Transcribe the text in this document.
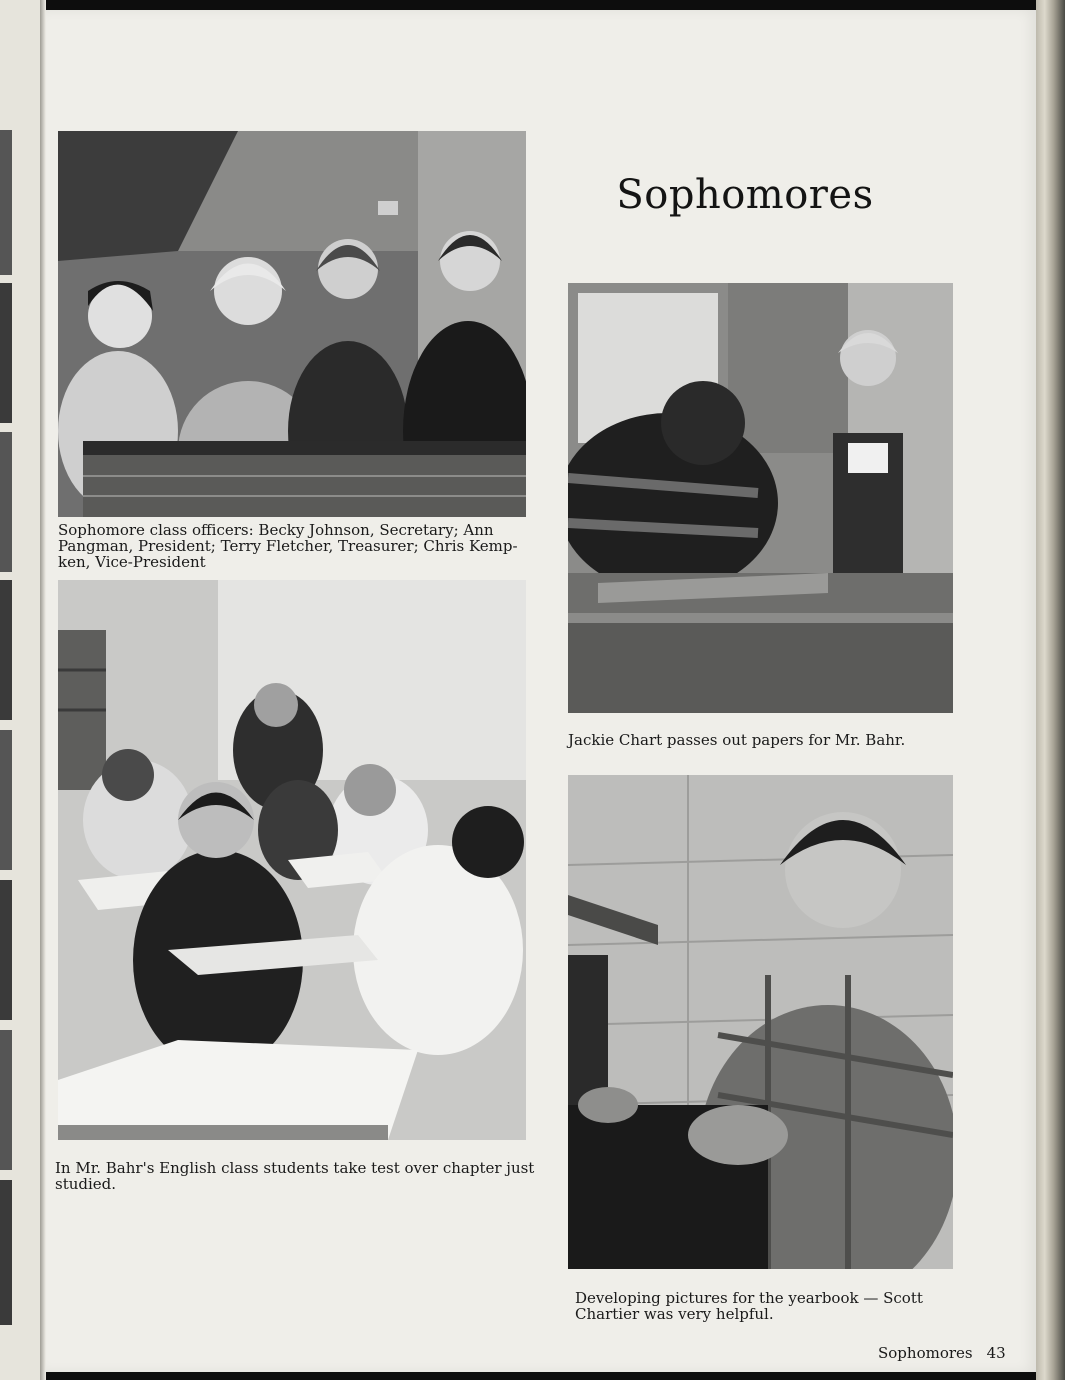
Sophomore class officers: Becky Johnson, Secretary; Ann
Pangman, President; Terry Fletcher, Treasurer; Chris Kemp-
ken, Vice-President
In Mr. Bahr's English class students take test over chapter just
studied.
Sophomores
Jackie Chart passes out papers for Mr. Bahr.
Developing pictures for the yearbook — Scott
Chartier was very helpful.
Sophomores 43
